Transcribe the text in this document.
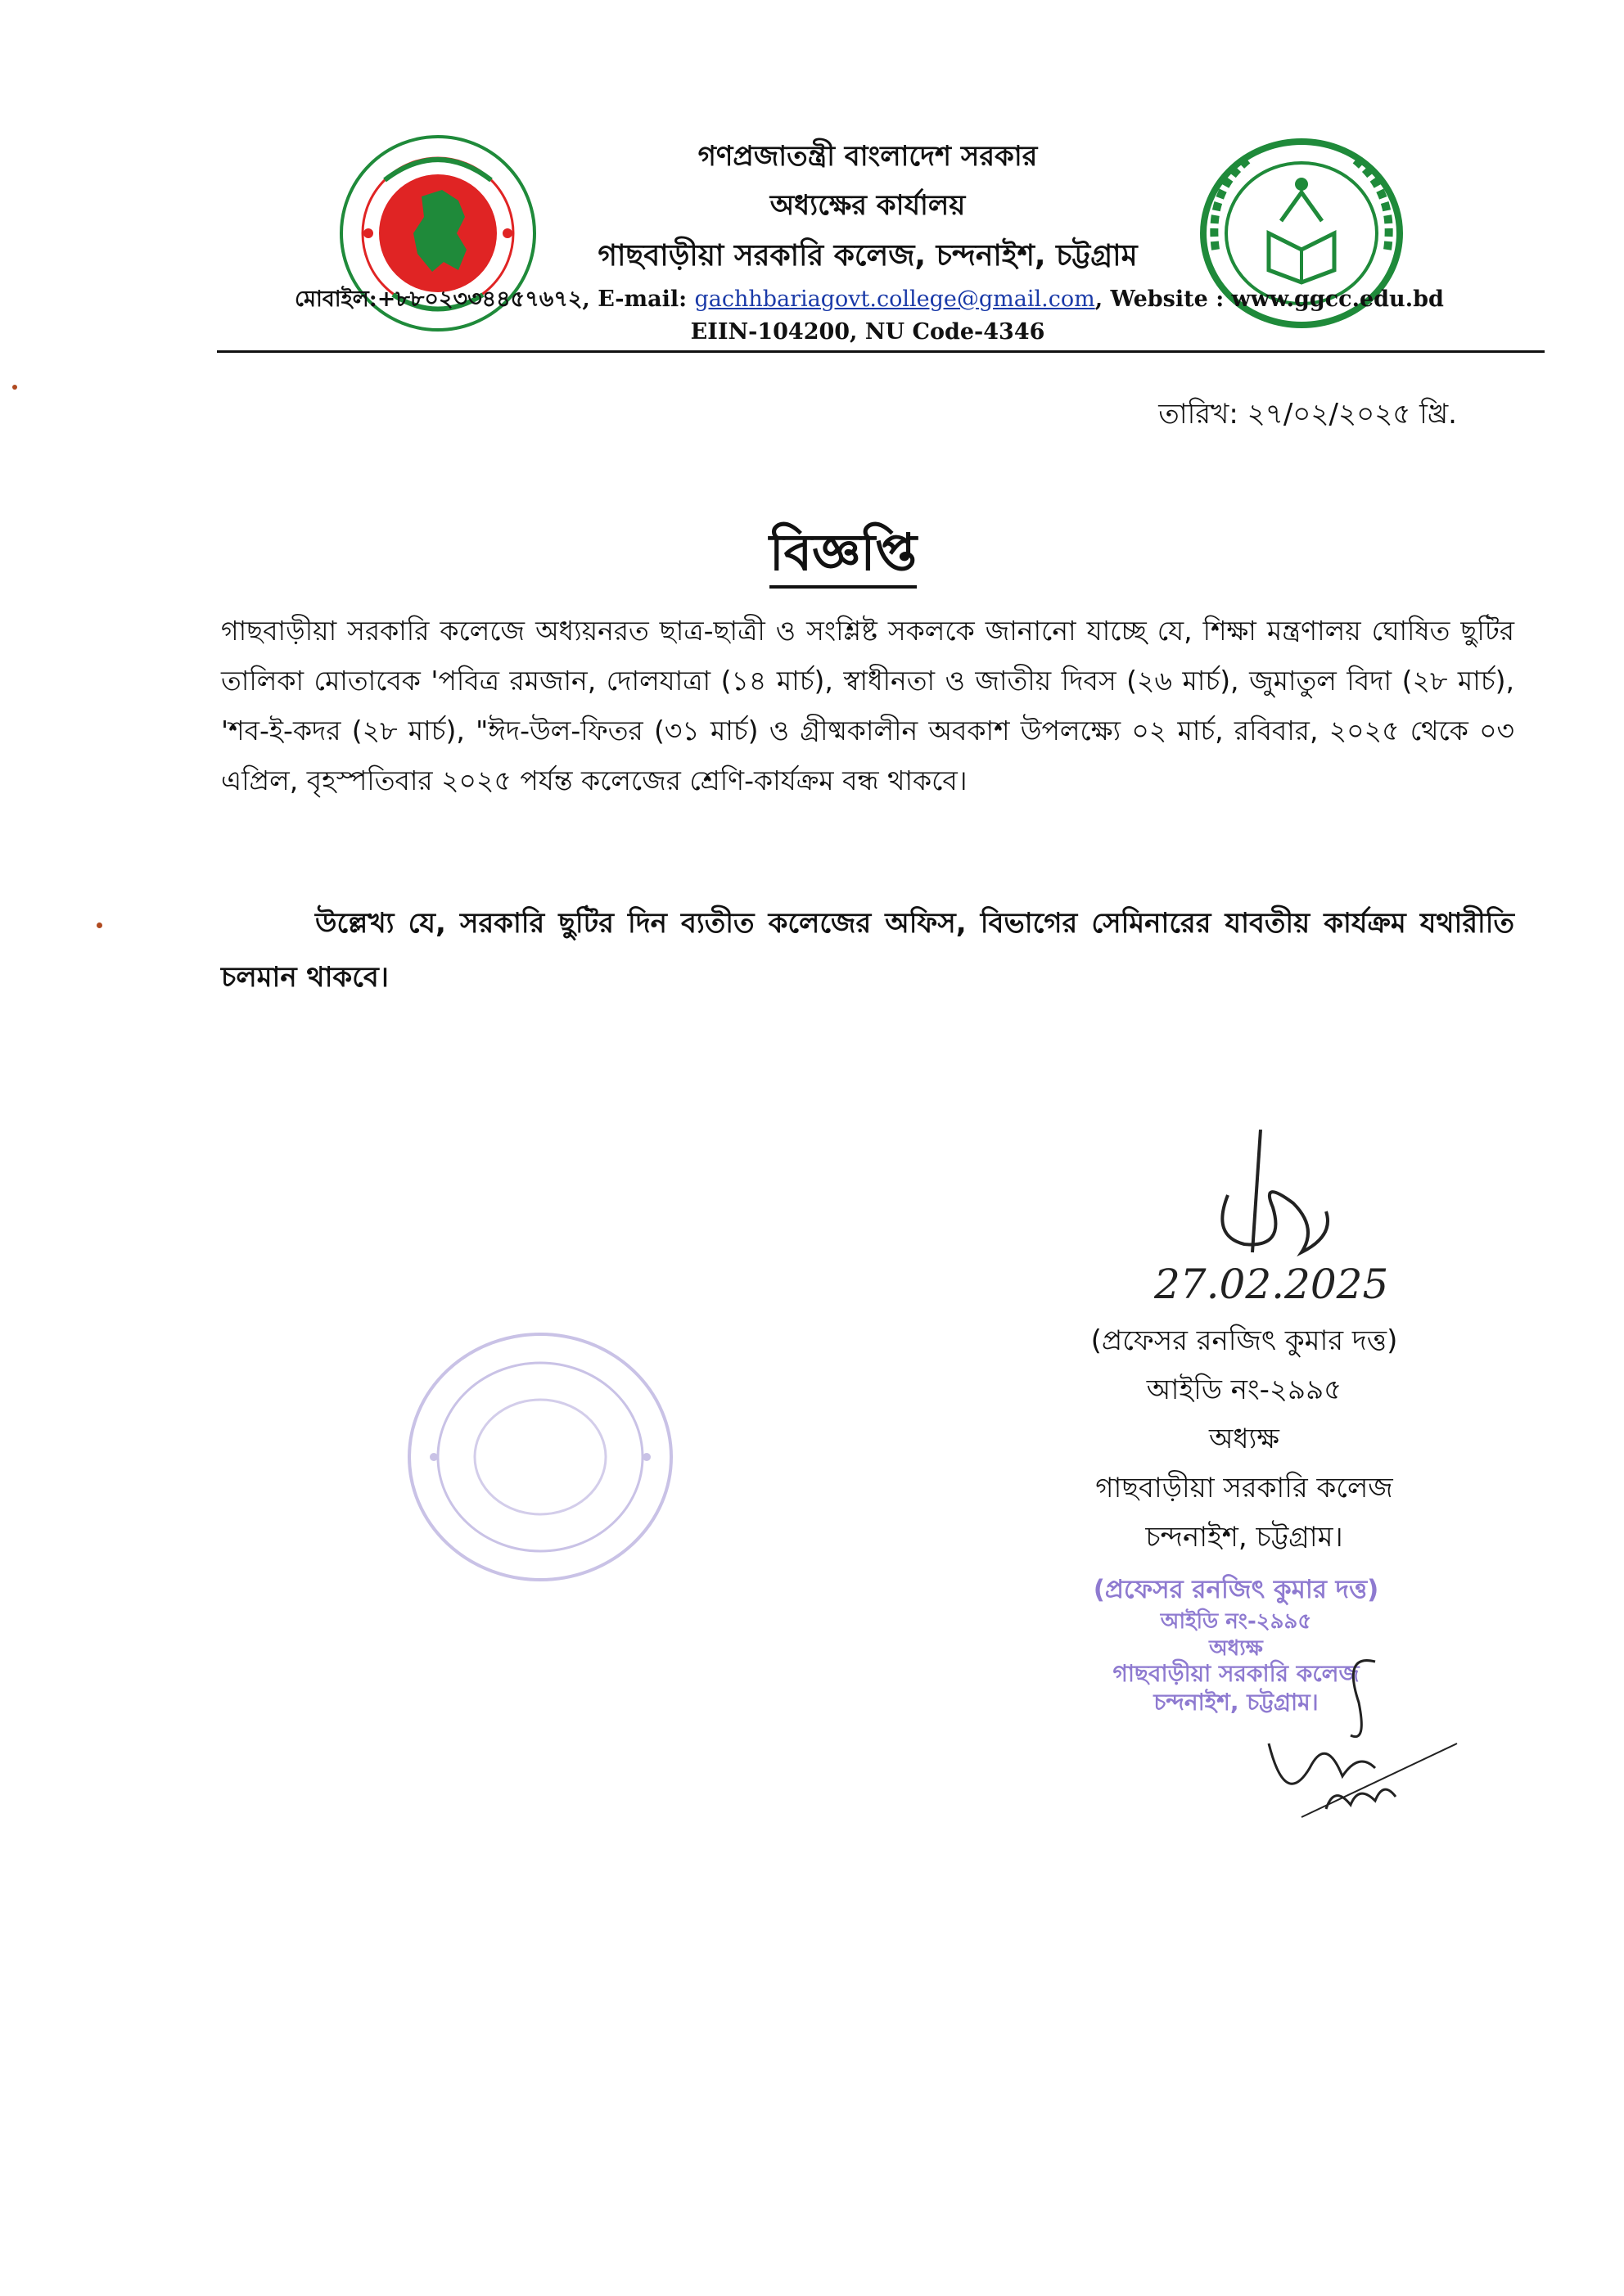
গণপ্রজাতন্ত্রী বাংলাদেশ সরকার
অধ্যক্ষের কার্যালয়
গাছবাড়ীয়া সরকারি কলেজ, চন্দনাইশ, চট্টগ্রাম
মোবাইল:+৮৮০২৩৩৪৪৫৭৬৭২, E-mail: gachhbariagovt.college@gmail.com, Website : www.ggcc.edu.bd
EIIN-104200, NU Code-4346
তারিখ: ২৭/০২/২০২৫ খ্রি.
বিজ্ঞপ্তি
গাছবাড়ীয়া সরকারি কলেজে অধ্যয়নরত ছাত্র-ছাত্রী ও সংশ্লিষ্ট সকলকে জানানো যাচ্ছে যে, শিক্ষা মন্ত্রণালয় ঘোষিত ছুটির তালিকা মোতাবেক 'পবিত্র রমজান, দোলযাত্রা (১৪ মার্চ), স্বাধীনতা ও জাতীয় দিবস (২৬ মার্চ), জুমাতুল বিদা (২৮ মার্চ), 'শব-ই-কদর (২৮ মার্চ), "ঈদ-উল-ফিতর (৩১ মার্চ) ও গ্রীষ্মকালীন অবকাশ উপলক্ষ্যে ০২ মার্চ, রবিবার, ২০২৫ থেকে ০৩ এপ্রিল, বৃহস্পতিবার ২০২৫ পর্যন্ত কলেজের শ্রেণি-কার্যক্রম বন্ধ থাকবে।
উল্লেখ্য যে, সরকারি ছুটির দিন ব্যতীত কলেজের অফিস, বিভাগের সেমিনারের যাবতীয় কার্যক্রম যথারীতি চলমান থাকবে।
27.02.2025
(প্রফেসর রনজিৎ কুমার দত্ত)
আইডি নং-২৯৯৫
অধ্যক্ষ
গাছবাড়ীয়া সরকারি কলেজ
চন্দনাইশ, চট্টগ্রাম।
(প্রফেসর রনজিৎ কুমার দত্ত)
আইডি নং-২৯৯৫
অধ্যক্ষ
গাছবাড়ীয়া সরকারি কলেজ
চন্দনাইশ, চট্টগ্রাম।
